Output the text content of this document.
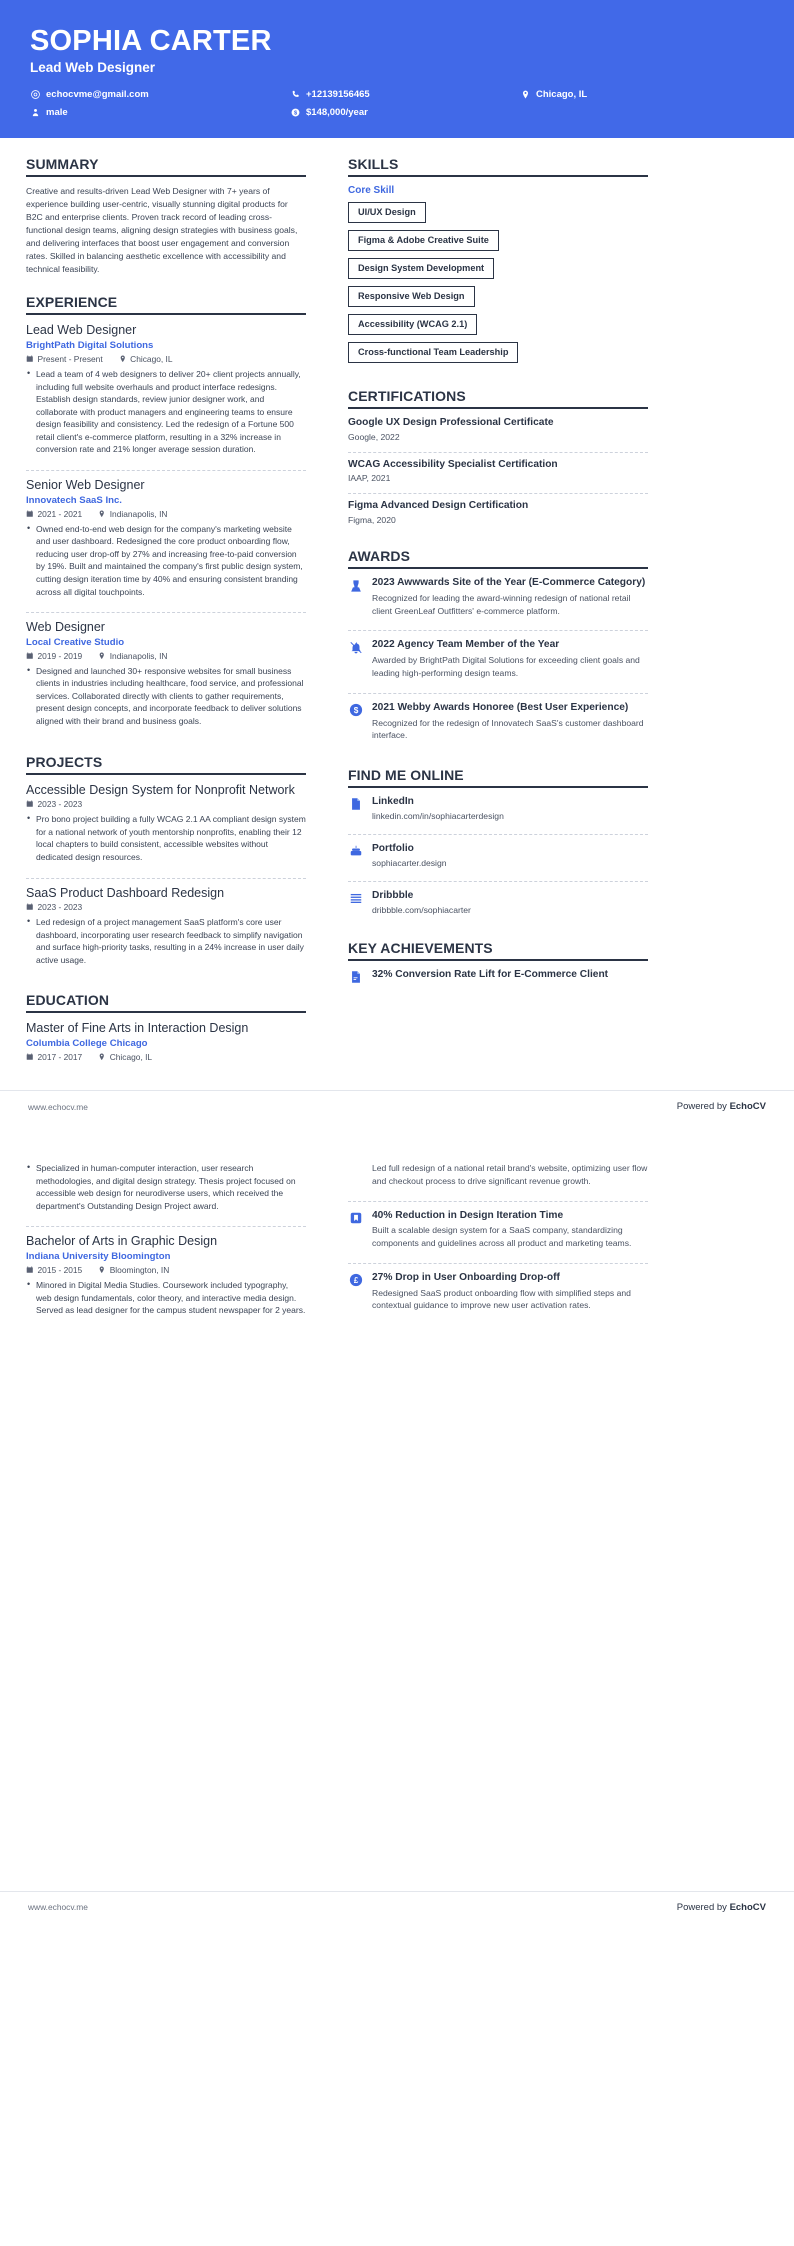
SOPHIA CARTER
Lead Web Designer
echocvme@gmail.com	+12139156465	Chicago, IL
male	$ $148,000/year
SUMMARY
Creative and results-driven Lead Web Designer with 7+ years of experience building user-centric, visually stunning digital products for B2C and enterprise clients. Proven track record of leading cross-functional design teams, aligning design strategies with business goals, and delivering interfaces that boost user engagement and conversion rates. Skilled in balancing aesthetic excellence with accessibility and technical feasibility.
EXPERIENCE
Lead Web Designer
BrightPath Digital Solutions
Present - Present	Chicago, IL
• Lead a team of 4 web designers to deliver 20+ client projects annually, including full website overhauls and product interface redesigns. Establish design standards, review junior designer work, and collaborate with product managers and engineering teams to ensure design feasibility and consistency. Led the redesign of a Fortune 500 retail client's e-commerce platform, resulting in a 32% increase in conversion rate and 21% longer average session duration.
Senior Web Designer
Innovatech SaaS Inc.
2021 - 2021	Indianapolis, IN
• Owned end-to-end web design for the company's marketing website and user dashboard. Redesigned the core product onboarding flow, reducing user drop-off by 27% and increasing free-to-paid conversion by 19%. Built and maintained the company's first public design system, cutting design iteration time by 40% and ensuring consistent branding across all digital touchpoints.
Web Designer
Local Creative Studio
2019 - 2019	Indianapolis, IN
• Designed and launched 30+ responsive websites for small business clients in industries including healthcare, food service, and professional services. Collaborated directly with clients to gather requirements, present design concepts, and incorporate feedback to deliver solutions aligned with their brand and business goals.
PROJECTS
Accessible Design System for Nonprofit Network
2023 - 2023
• Pro bono project building a fully WCAG 2.1 AA compliant design system for a national network of youth mentorship nonprofits, enabling their 12 local chapters to build consistent, accessible websites without dedicated design resources.
SaaS Product Dashboard Redesign
2023 - 2023
• Led redesign of a project management SaaS platform's core user dashboard, incorporating user research feedback to simplify navigation and surface high-priority tasks, resulting in a 24% increase in user daily active usage.
EDUCATION
Master of Fine Arts in Interaction Design
Columbia College Chicago
2017 - 2017	Chicago, IL
SKILLS
Core Skill
UI/UX Design
Figma & Adobe Creative Suite
Design System Development
Responsive Web Design
Accessibility (WCAG 2.1)
Cross-functional Team Leadership
CERTIFICATIONS
Google UX Design Professional Certificate
Google, 2022
WCAG Accessibility Specialist Certification
IAAP, 2021
Figma Advanced Design Certification
Figma, 2020
AWARDS
2023 Awwwards Site of the Year (E-Commerce Category)
Recognized for leading the award-winning redesign of national retail client GreenLeaf Outfitters' e-commerce platform.
2022 Agency Team Member of the Year
Awarded by BrightPath Digital Solutions for exceeding client goals and leading high-performing design teams.
$ 2021 Webby Awards Honoree (Best User Experience)
Recognized for the redesign of Innovatech SaaS's customer dashboard interface.
FIND ME ONLINE
LinkedIn
linkedin.com/in/sophiacarterdesign
Portfolio
sophiacarter.design
Dribbble
dribbble.com/sophiacarter
KEY ACHIEVEMENTS
32% Conversion Rate Lift for E-Commerce Client
www.echocv.me	Powered by EchoCV
• Specialized in human-computer interaction, user research methodologies, and digital design strategy. Thesis project focused on accessible web design for neurodiverse users, which received the department's Outstanding Design Project award.
Bachelor of Arts in Graphic Design
Indiana University Bloomington
2015 - 2015	Bloomington, IN
• Minored in Digital Media Studies. Coursework included typography, web design fundamentals, color theory, and interactive media design. Served as lead designer for the campus student newspaper for 2 years.
Led full redesign of a national retail brand's website, optimizing user flow and checkout process to drive significant revenue growth.
40% Reduction in Design Iteration Time
Built a scalable design system for a SaaS company, standardizing components and guidelines across all product and marketing teams.
£ 27% Drop in User Onboarding Drop-off
Redesigned SaaS product onboarding flow with simplified steps and contextual guidance to improve new user activation rates.
www.echocv.me	Powered by EchoCV
